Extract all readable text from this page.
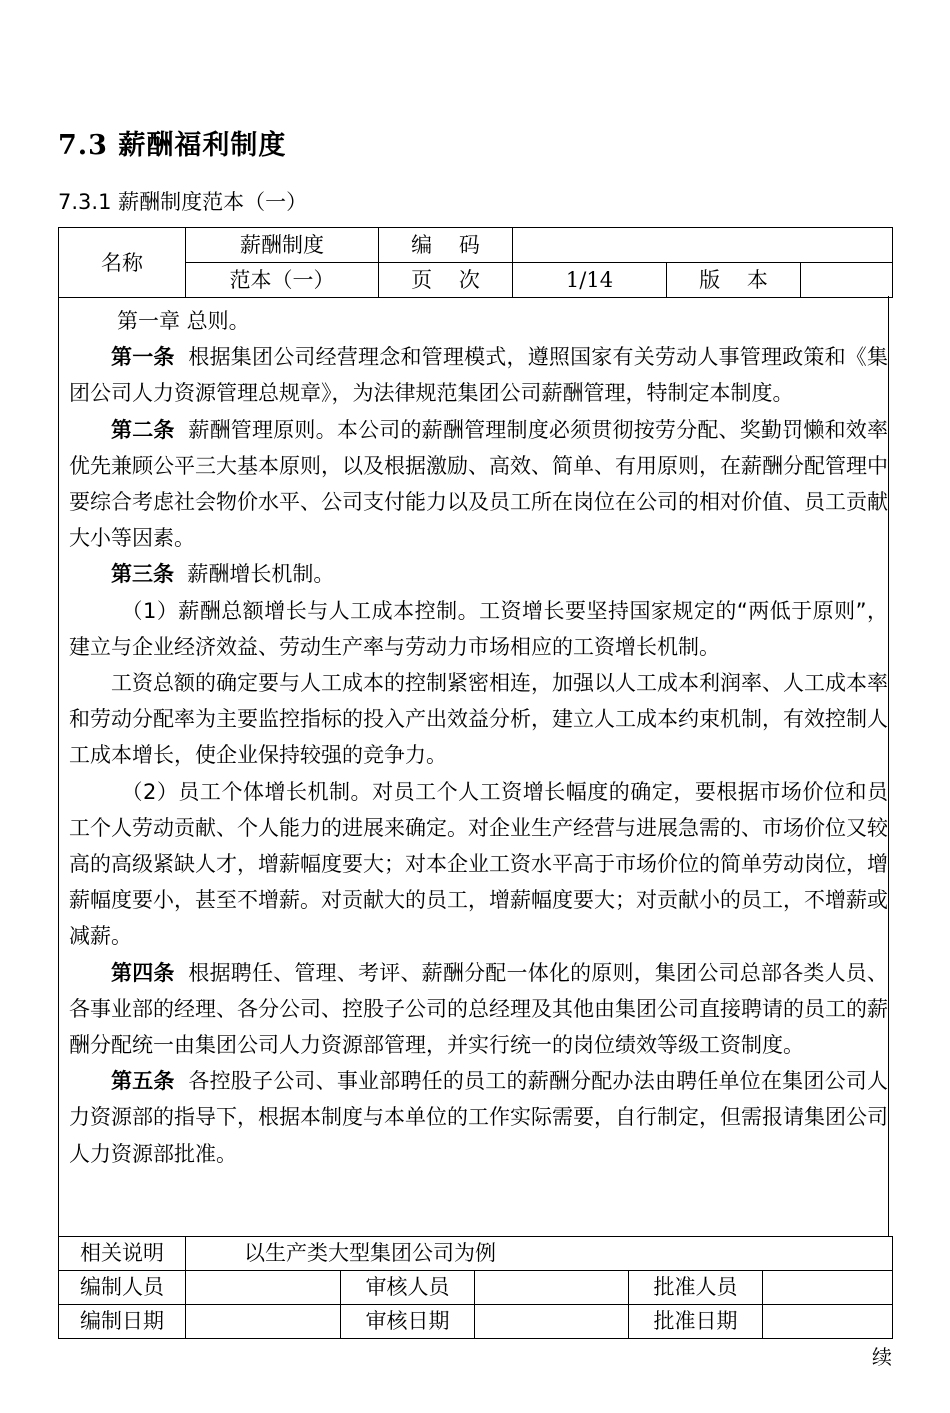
7.3 薪酬福利制度
7.3.1 薪酬制度范本（一）
名称	薪酬制度	编    码			
	范本（一）	页    次	1/14	版    本	

第一章 总则。

第一条 根据集团公司经营理念和管理模式，遵照国家有关劳动人事管理政策和《集团公司人力资源管理总规章》，为法律规范集团公司薪酬管理，特制定本制度。

第二条 薪酬管理原则。本公司的薪酬管理制度必须贯彻按劳分配、奖勤罚懒和效率优先兼顾公平三大基本原则，以及根据激励、高效、简单、有用原则，在薪酬分配管理中要综合考虑社会物价水平、公司支付能力以及员工所在岗位在公司的相对价值、员工贡献大小等因素。

第三条 薪酬增长机制。

（1）薪酬总额增长与人工成本控制。工资增长要坚持国家规定的“两低于原则”，建立与企业经济效益、劳动生产率与劳动力市场相应的工资增长机制。

工资总额的确定要与人工成本的控制紧密相连，加强以人工成本利润率、人工成本率和劳动分配率为主要监控指标的投入产出效益分析，建立人工成本约束机制，有效控制人工成本增长，使企业保持较强的竞争力。

（2）员工个体增长机制。对员工个人工资增长幅度的确定，要根据市场价位和员工个人劳动贡献、个人能力的进展来确定。对企业生产经营与进展急需的、市场价位又较高的高级紧缺人才，增薪幅度要大；对本企业工资水平高于市场价位的简单劳动岗位，增薪幅度要小，甚至不增薪。对贡献大的员工，增薪幅度要大；对贡献小的员工，不增薪或减薪。

第四条 根据聘任、管理、考评、薪酬分配一体化的原则，集团公司总部各类人员、各事业部的经理、各分公司、控股子公司的总经理及其他由集团公司直接聘请的员工的薪酬分配统一由集团公司人力资源部管理，并实行统一的岗位绩效等级工资制度。

第五条 各控股子公司、事业部聘任的员工的薪酬分配办法由聘任单位在集团公司人力资源部的指导下，根据本制度与本单位的工作实际需要，自行制定，但需报请集团公司人力资源部批准。

相关说明	以生产类大型集团公司为例				
编制人员		审核人员		批准人员	
编制日期		审核日期		批准日期	
续
